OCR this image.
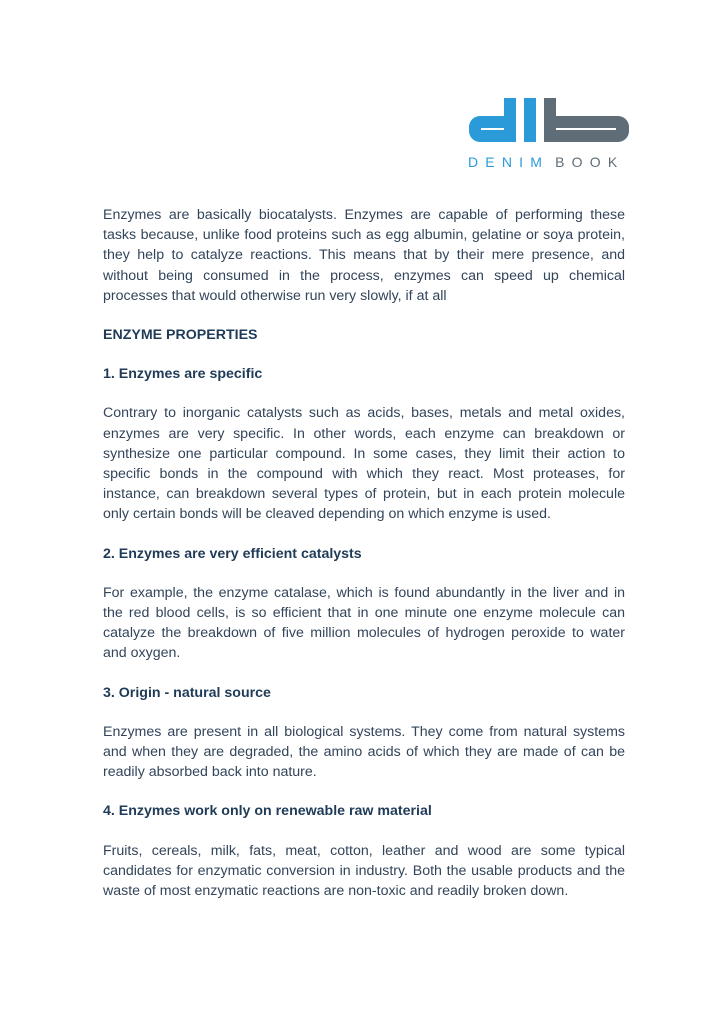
DENIM BOOK

Enzymes are basically biocatalysts. Enzymes are capable of performing these tasks because, unlike food proteins such as egg albumin, gelatine or soya protein, they help to catalyze reactions. This means that by their mere presence, and without being consumed in the process, enzymes can speed up chemical processes that would otherwise run very slowly, if at all

ENZYME PROPERTIES
1. Enzymes are specific

Contrary to inorganic catalysts such as acids, bases, metals and metal oxides, enzymes are very specific. In other words, each enzyme can breakdown or synthesize one particular compound. In some cases, they limit their action to specific bonds in the compound with which they react. Most proteases, for instance, can breakdown several types of protein, but in each protein molecule only certain bonds will be cleaved depending on which enzyme is used.

2. Enzymes are very efficient catalysts

For example, the enzyme catalase, which is found abundantly in the liver and in the red blood cells, is so efficient that in one minute one enzyme molecule can catalyze the breakdown of five million molecules of hydrogen peroxide to water and oxygen.

3. Origin - natural source

Enzymes are present in all biological systems. They come from natural systems and when they are degraded, the amino acids of which they are made of can be readily absorbed back into nature.

4. Enzymes work only on renewable raw material

Fruits, cereals, milk, fats, meat, cotton, leather and wood are some typical candidates for enzymatic conversion in industry. Both the usable products and the waste of most enzymatic reactions are non-toxic and readily broken down.
